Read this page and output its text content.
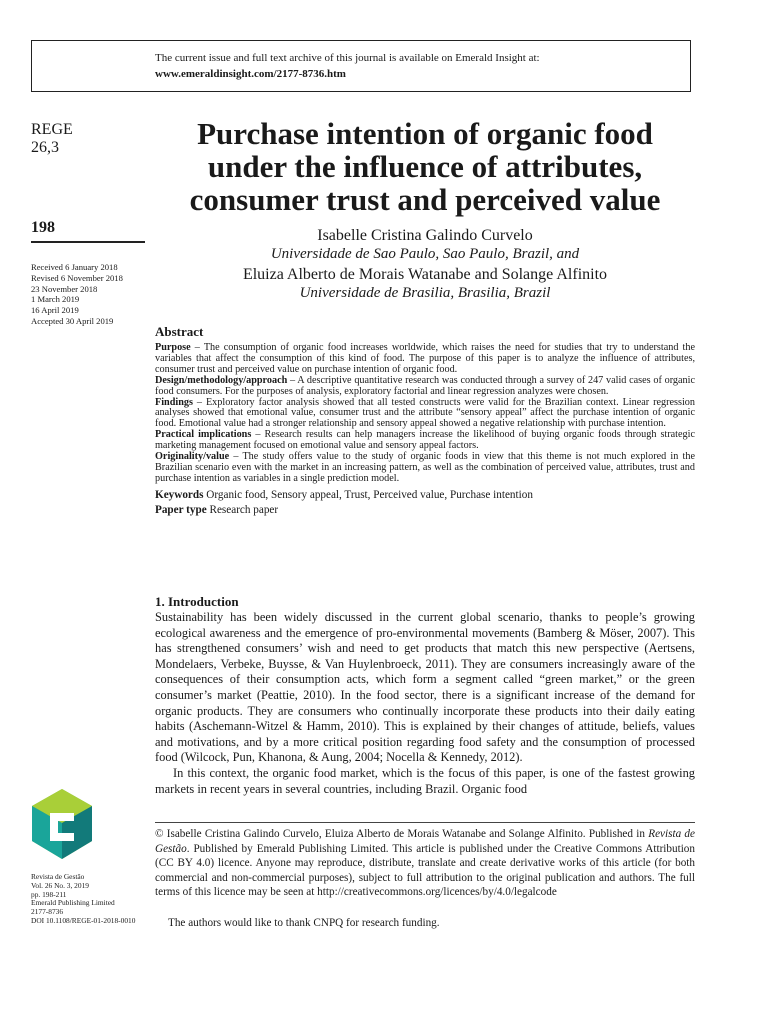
The current issue and full text archive of this journal is available on Emerald Insight at:
www.emeraldinsight.com/2177-8736.htm
REGE
26,3
198
Received 6 January 2018
Revised 6 November 2018
23 November 2018
1 March 2019
16 April 2019
Accepted 30 April 2019
Purchase intention of organic food
under the influence of attributes,
consumer trust and perceived value
Isabelle Cristina Galindo Curvelo
Universidade de Sao Paulo, Sao Paulo, Brazil, and
Eluiza Alberto de Morais Watanabe and Solange Alfinito
Universidade de Brasilia, Brasilia, Brazil
Abstract

Purpose – The consumption of organic food increases worldwide, which raises the need for studies that try to understand the variables that affect the consumption of this kind of food. The purpose of this paper is to analyze the influence of attributes, consumer trust and perceived value on purchase intention of organic food.

Design/methodology/approach – A descriptive quantitative research was conducted through a survey of 247 valid cases of organic food consumers. For the purposes of analysis, exploratory factorial and linear regression analyzes were chosen.

Findings – Exploratory factor analysis showed that all tested constructs were valid for the Brazilian context. Linear regression analyses showed that emotional value, consumer trust and the attribute “sensory appeal” affect the purchase intention of organic food. Emotional value had a stronger relationship and sensory appeal showed a negative relationship with purchase intention.

Practical implications – Research results can help managers increase the likelihood of buying organic foods through strategic marketing management focused on emotional value and sensory appeal factors.

Originality/value – The study offers value to the study of organic foods in view that this theme is not much explored in the Brazilian scenario even with the market in an increasing pattern, as well as the combination of perceived value, attributes, trust and purchase intention as variables in a single prediction model.

Keywords Organic food, Sensory appeal, Trust, Perceived value, Purchase intention
Paper type Research paper
1. Introduction

Sustainability has been widely discussed in the current global scenario, thanks to people’s growing ecological awareness and the emergence of pro-environmental movements (Bamberg & Möser, 2007). This has strengthened consumers’ wish and need to get products that match this new perspective (Aertsens, Mondelaers, Verbeke, Buysse, & Van Huylenbroeck, 2011). They are consumers increasingly aware of the consequences of their consumption acts, which form a segment called “green market,” or the green consumer’s market (Peattie, 2010). In the food sector, there is a significant increase of the demand for organic products. They are consumers who continually incorporate these products into their daily eating habits (Aschemann-Witzel & Hamm, 2010). This is explained by their changes of attitude, beliefs, values and motivations, and by a more critical position regarding food safety and the consumption of processed food (Wilcock, Pun, Khanona, & Aung, 2004; Nocella & Kennedy, 2012).

In this context, the organic food market, which is the focus of this paper, is one of the fastest growing markets in recent years in several countries, including Brazil. Organic food

© Isabelle Cristina Galindo Curvelo, Eluiza Alberto de Morais Watanabe and Solange Alfinito. Published in Revista de Gestão. Published by Emerald Publishing Limited. This article is published under the Creative Commons Attribution (CC BY 4.0) licence. Anyone may reproduce, distribute, translate and create derivative works of this article (for both commercial and non-commercial purposes), subject to full attribution to the original publication and authors. The full terms of this licence may be seen at http://creativecommons.org/licences/by/4.0/legalcode
The authors would like to thank CNPQ for research funding.
Revista de Gestão
Vol. 26 No. 3, 2019
pp. 198-211
Emerald Publishing Limited
2177-8736
DOI 10.1108/REGE-01-2018-0010
